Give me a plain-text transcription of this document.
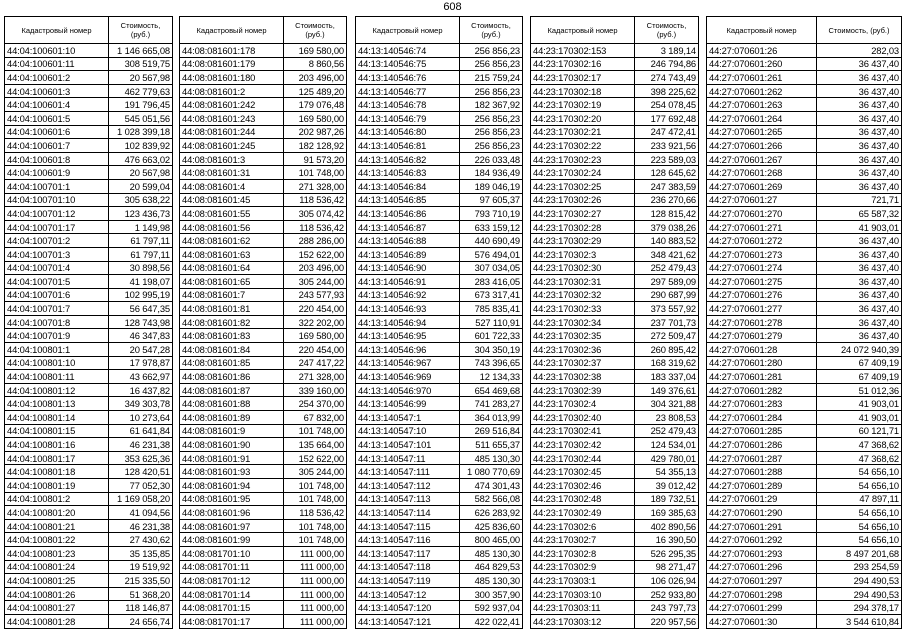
608
Кадастровый номер	Стоимость, (руб.)
44:04:100601:10	1 146 665,08
44:04:100601:11	308 519,75
44:04:100601:2	20 567,98
44:04:100601:3	462 779,63
44:04:100601:4	191 796,45
44:04:100601:5	545 051,56
44:04:100601:6	1 028 399,18
44:04:100601:7	102 839,92
44:04:100601:8	476 663,02
44:04:100601:9	20 567,98
44:04:100701:1	20 599,04
44:04:100701:10	305 638,22
44:04:100701:12	123 436,73
44:04:100701:17	1 149,98
44:04:100701:2	61 797,11
44:04:100701:3	61 797,11
44:04:100701:4	30 898,56
44:04:100701:5	41 198,07
44:04:100701:6	102 995,19
44:04:100701:7	56 647,35
44:04:100701:8	128 743,98
44:04:100701:9	46 347,83
44:04:100801:1	20 547,28
44:04:100801:10	17 978,87
44:04:100801:11	43 662,97
44:04:100801:12	16 437,82
44:04:100801:13	349 303,78
44:04:100801:14	10 273,64
44:04:100801:15	61 641,84
44:04:100801:16	46 231,38
44:04:100801:17	353 625,36
44:04:100801:18	128 420,51
44:04:100801:19	77 052,30
44:04:100801:2	1 169 058,20
44:04:100801:20	41 094,56
44:04:100801:21	46 231,38
44:04:100801:22	27 430,62
44:04:100801:23	35 135,85
44:04:100801:24	19 519,92
44:04:100801:25	215 335,50
44:04:100801:26	51 368,20
44:04:100801:27	118 146,87
44:04:100801:28	24 656,74
Кадастровый номер	Стоимость, (руб.)
44:08:081601:178	169 580,00
44:08:081601:179	8 860,56
44:08:081601:180	203 496,00
44:08:081601:2	125 489,20
44:08:081601:242	179 076,48
44:08:081601:243	169 580,00
44:08:081601:244	202 987,26
44:08:081601:245	182 128,92
44:08:081601:3	91 573,20
44:08:081601:31	101 748,00
44:08:081601:4	271 328,00
44:08:081601:45	118 536,42
44:08:081601:55	305 074,42
44:08:081601:56	118 536,42
44:08:081601:62	288 286,00
44:08:081601:63	152 622,00
44:08:081601:64	203 496,00
44:08:081601:65	305 244,00
44:08:081601:7	243 577,93
44:08:081601:81	220 454,00
44:08:081601:82	322 202,00
44:08:081601:83	169 580,00
44:08:081601:84	220 454,00
44:08:081601:85	247 417,22
44:08:081601:86	271 328,00
44:08:081601:87	339 160,00
44:08:081601:88	254 370,00
44:08:081601:89	67 832,00
44:08:081601:9	101 748,00
44:08:081601:90	135 664,00
44:08:081601:91	152 622,00
44:08:081601:93	305 244,00
44:08:081601:94	101 748,00
44:08:081601:95	101 748,00
44:08:081601:96	118 536,42
44:08:081601:97	101 748,00
44:08:081601:99	101 748,00
44:08:081701:10	111 000,00
44:08:081701:11	111 000,00
44:08:081701:12	111 000,00
44:08:081701:14	111 000,00
44:08:081701:15	111 000,00
44:08:081701:17	111 000,00
Кадастровый номер	Стоимость, (руб.)
44:13:140546:74	256 856,23
44:13:140546:75	256 856,23
44:13:140546:76	215 759,24
44:13:140546:77	256 856,23
44:13:140546:78	182 367,92
44:13:140546:79	256 856,23
44:13:140546:80	256 856,23
44:13:140546:81	256 856,23
44:13:140546:82	226 033,48
44:13:140546:83	184 936,49
44:13:140546:84	189 046,19
44:13:140546:85	97 605,37
44:13:140546:86	793 710,19
44:13:140546:87	633 159,12
44:13:140546:88	440 690,49
44:13:140546:89	576 494,01
44:13:140546:90	307 034,05
44:13:140546:91	283 416,05
44:13:140546:92	673 317,41
44:13:140546:93	785 835,41
44:13:140546:94	527 110,91
44:13:140546:95	601 722,33
44:13:140546:96	304 350,19
44:13:140546:967	743 396,65
44:13:140546:969	12 134,33
44:13:140546:970	654 469,68
44:13:140546:99	741 283,27
44:13:140547:1	364 013,99
44:13:140547:10	269 516,84
44:13:140547:101	511 655,37
44:13:140547:11	485 130,30
44:13:140547:111	1 080 770,69
44:13:140547:112	474 301,43
44:13:140547:113	582 566,08
44:13:140547:114	626 283,92
44:13:140547:115	425 836,60
44:13:140547:116	800 465,00
44:13:140547:117	485 130,30
44:13:140547:118	464 829,53
44:13:140547:119	485 130,30
44:13:140547:12	300 357,90
44:13:140547:120	592 937,04
44:13:140547:121	422 022,41
Кадастровый номер	Стоимость, (руб.)
44:23:170302:153	3 189,14
44:23:170302:16	246 794,86
44:23:170302:17	274 743,49
44:23:170302:18	398 225,62
44:23:170302:19	254 078,45
44:23:170302:20	177 692,48
44:23:170302:21	247 472,41
44:23:170302:22	233 921,56
44:23:170302:23	223 589,03
44:23:170302:24	128 645,62
44:23:170302:25	247 383,59
44:23:170302:26	236 270,66
44:23:170302:27	128 815,42
44:23:170302:28	379 038,26
44:23:170302:29	140 883,52
44:23:170302:3	348 421,62
44:23:170302:30	252 479,43
44:23:170302:31	297 589,09
44:23:170302:32	290 687,99
44:23:170302:33	373 557,92
44:23:170302:34	237 701,73
44:23:170302:35	272 509,47
44:23:170302:36	260 895,42
44:23:170302:37	168 319,62
44:23:170302:38	183 337,04
44:23:170302:39	149 376,61
44:23:170302:4	304 321,88
44:23:170302:40	23 808,53
44:23:170302:41	252 479,43
44:23:170302:42	124 534,01
44:23:170302:44	429 780,01
44:23:170302:45	54 355,13
44:23:170302:46	39 012,42
44:23:170302:48	189 732,51
44:23:170302:49	169 385,63
44:23:170302:6	402 890,56
44:23:170302:7	16 390,50
44:23:170302:8	526 295,35
44:23:170302:9	98 271,47
44:23:170303:1	106 026,94
44:23:170303:10	252 933,80
44:23:170303:11	243 797,73
44:23:170303:12	220 957,56
Кадастровый номер	Стоимость, (руб.)
44:27:070601:26	282,03
44:27:070601:260	36 437,40
44:27:070601:261	36 437,40
44:27:070601:262	36 437,40
44:27:070601:263	36 437,40
44:27:070601:264	36 437,40
44:27:070601:265	36 437,40
44:27:070601:266	36 437,40
44:27:070601:267	36 437,40
44:27:070601:268	36 437,40
44:27:070601:269	36 437,40
44:27:070601:27	721,71
44:27:070601:270	65 587,32
44:27:070601:271	41 903,01
44:27:070601:272	36 437,40
44:27:070601:273	36 437,40
44:27:070601:274	36 437,40
44:27:070601:275	36 437,40
44:27:070601:276	36 437,40
44:27:070601:277	36 437,40
44:27:070601:278	36 437,40
44:27:070601:279	36 437,40
44:27:070601:28	24 072 940,39
44:27:070601:280	67 409,19
44:27:070601:281	67 409,19
44:27:070601:282	51 012,36
44:27:070601:283	41 903,01
44:27:070601:284	41 903,01
44:27:070601:285	60 121,71
44:27:070601:286	47 368,62
44:27:070601:287	47 368,62
44:27:070601:288	54 656,10
44:27:070601:289	54 656,10
44:27:070601:29	47 897,11
44:27:070601:290	54 656,10
44:27:070601:291	54 656,10
44:27:070601:292	54 656,10
44:27:070601:293	8 497 201,68
44:27:070601:296	293 254,59
44:27:070601:297	294 490,53
44:27:070601:298	294 490,53
44:27:070601:299	294 378,17
44:27:070601:30	3 544 610,84
